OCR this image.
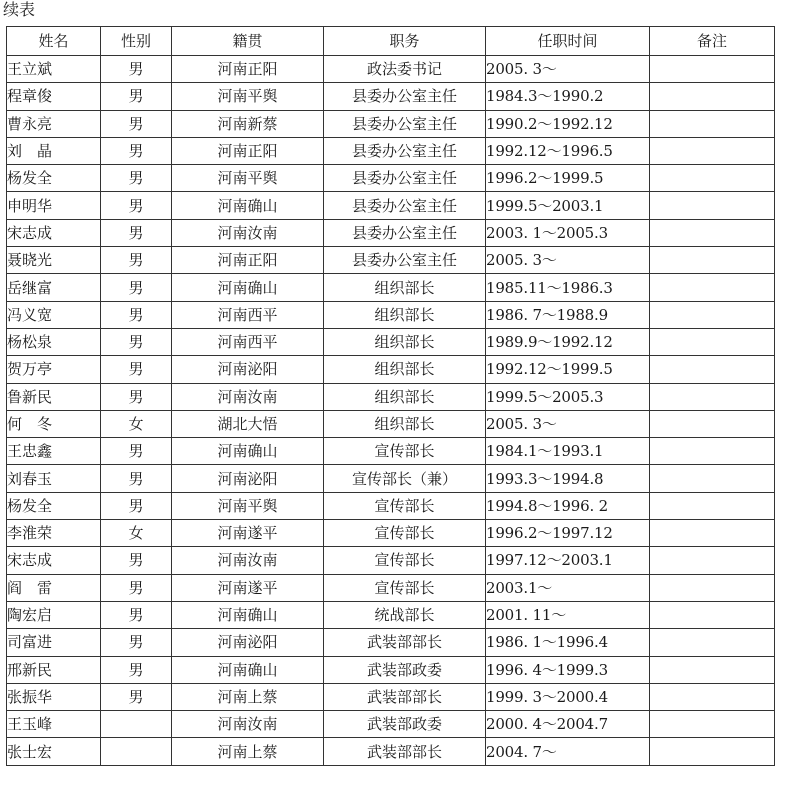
续表
姓名	性别	籍贯	职务	任职时间	备注
王立斌	男	河南正阳	政法委书记	2005. 3～	
程章俊	男	河南平舆	县委办公室主任	1984.3～1990.2	
曹永亮	男	河南新蔡	县委办公室主任	1990.2～1992.12	
刘　晶	男	河南正阳	县委办公室主任	1992.12～1996.5	
杨发全	男	河南平舆	县委办公室主任	1996.2～1999.5	
申明华	男	河南确山	县委办公室主任	1999.5～2003.1	
宋志成	男	河南汝南	县委办公室主任	2003. 1～2005.3	
聂晓光	男	河南正阳	县委办公室主任	2005. 3～	
岳继富	男	河南确山	组织部长	1985.11～1986.3	
冯义宽	男	河南西平	组织部长	1986. 7～1988.9	
杨松泉	男	河南西平	组织部长	1989.9～1992.12	
贺万亭	男	河南泌阳	组织部长	1992.12～1999.5	
鲁新民	男	河南汝南	组织部长	1999.5～2005.3	
何　冬	女	湖北大悟	组织部长	2005. 3～	
王忠鑫	男	河南确山	宣传部长	1984.1～1993.1	
刘春玉	男	河南泌阳	宣传部长（兼）	1993.3～1994.8	
杨发全	男	河南平舆	宣传部长	1994.8～1996. 2	
李淮荣	女	河南遂平	宣传部长	1996.2～1997.12	
宋志成	男	河南汝南	宣传部长	1997.12～2003.1	
阎　雷	男	河南遂平	宣传部长	2003.1～	
陶宏启	男	河南确山	统战部长	2001. 11～	
司富进	男	河南泌阳	武装部部长	1986. 1～1996.4	
邢新民	男	河南确山	武装部政委	1996. 4～1999.3	
张振华	男	河南上蔡	武装部部长	1999. 3～2000.4	
王玉峰		河南汝南	武装部政委	2000. 4～2004.7	
张士宏		河南上蔡	武装部部长	2004. 7～	
